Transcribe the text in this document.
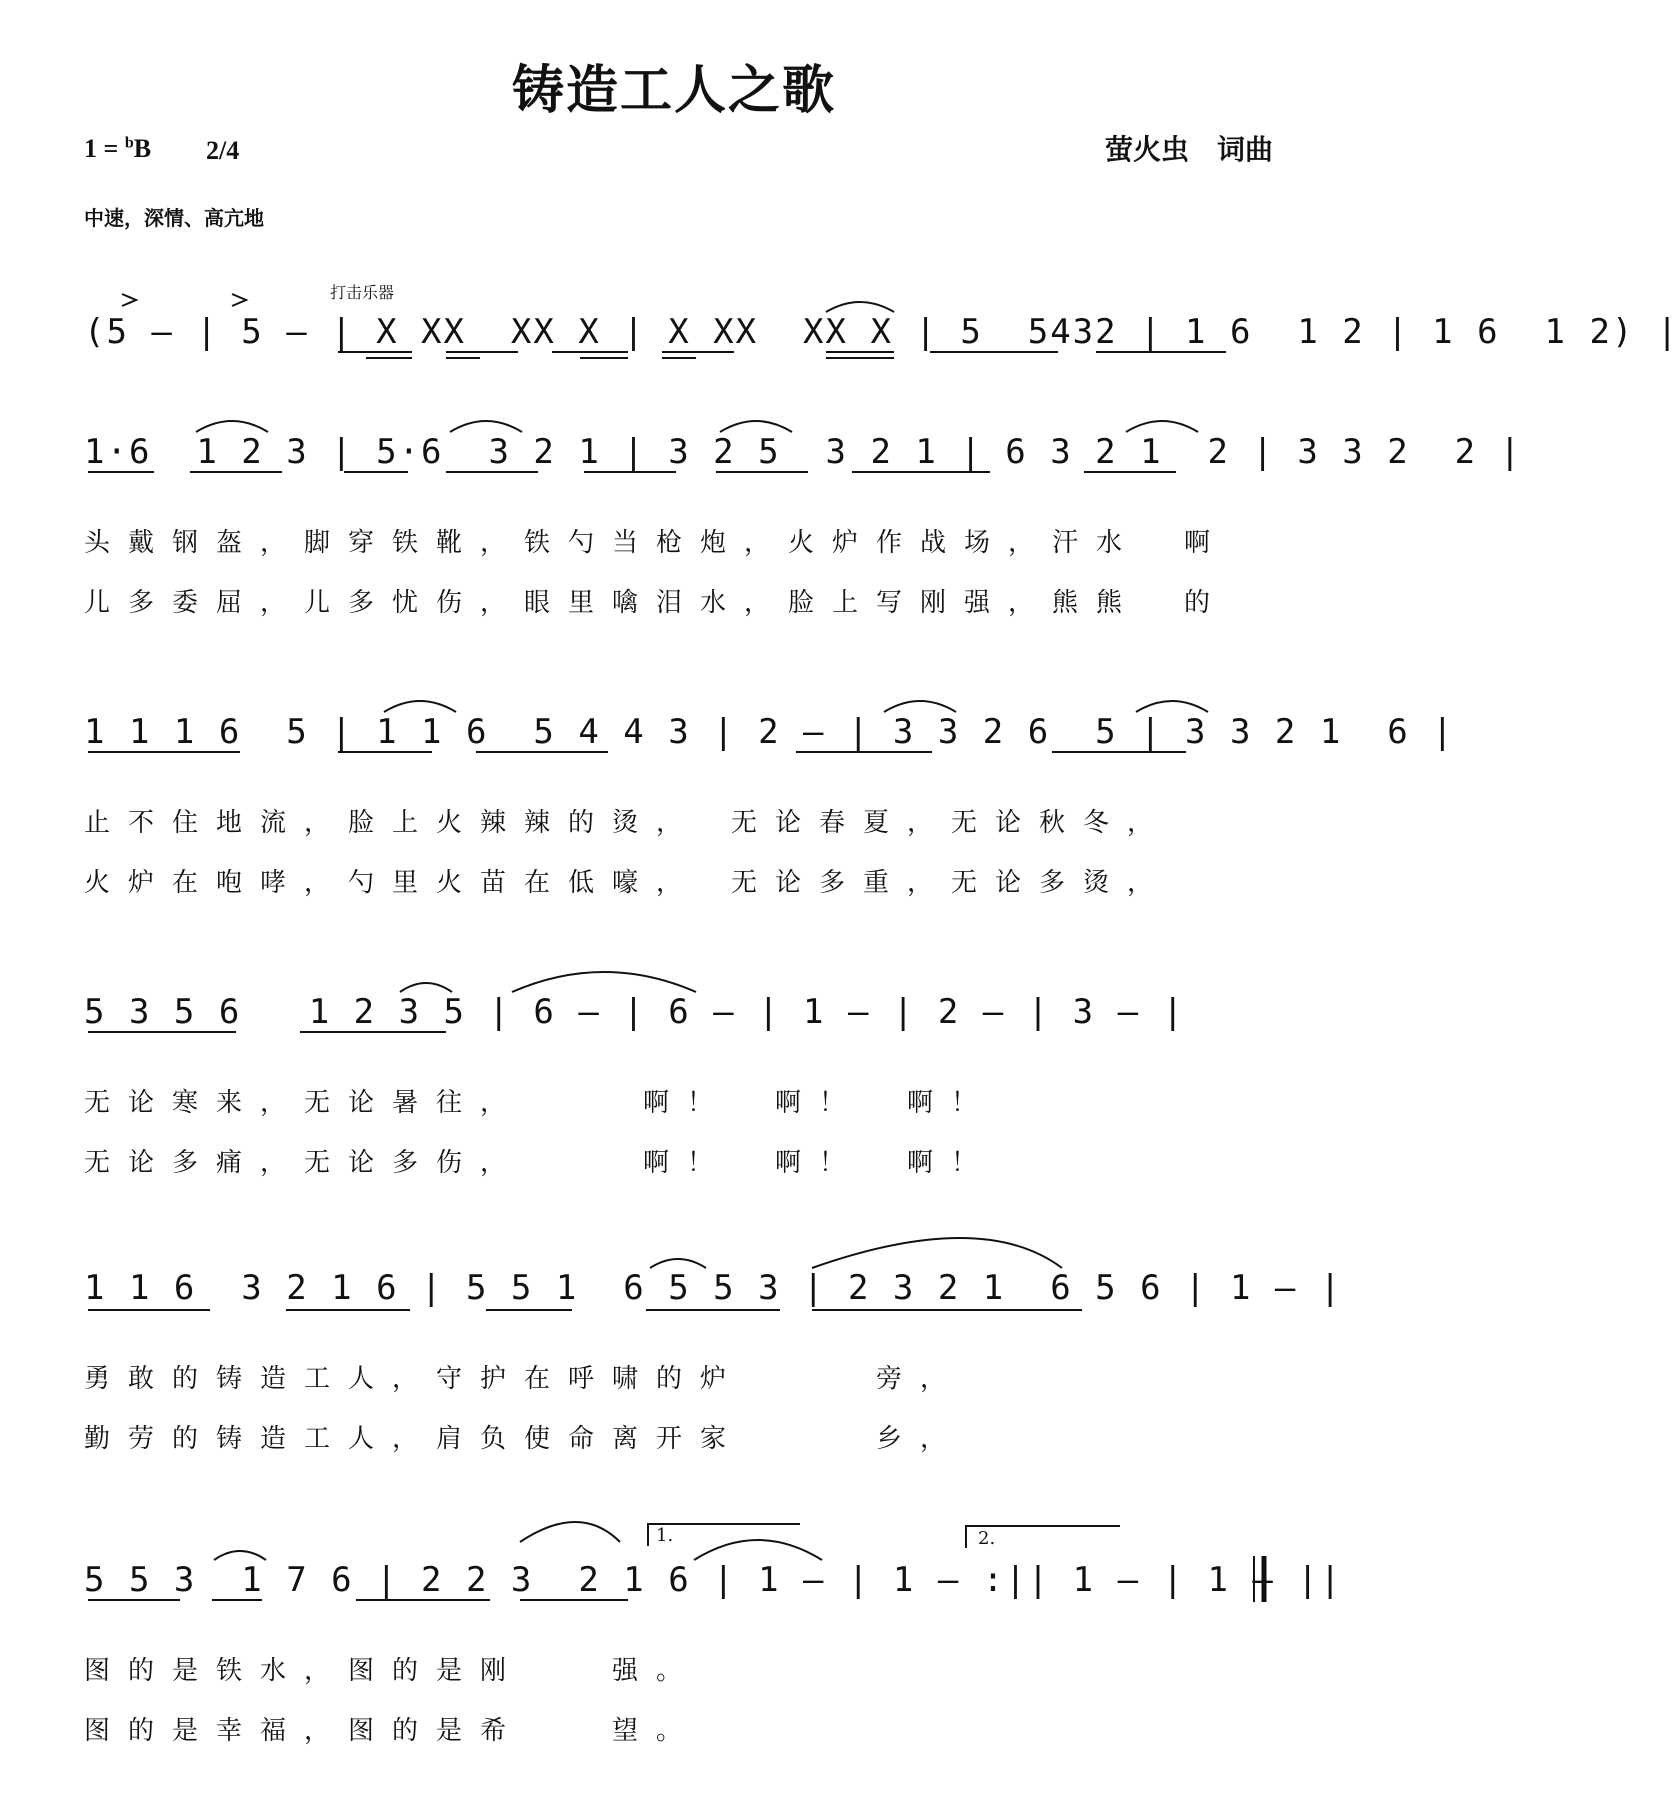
铸造工人之歌
1 = $^b$B 2/4	萤火虫　词曲
中速，深情、高亢地
打击乐器
(5 — | 5 — | X XX  XX X | X XX  XX X | 5  5432 | 1 6  1 2 | 1 6  1 2) |
1·6  1 2 3 | 5·6  3 2 1 | 3 2 5  3 2 1 | 6 3 2 1  2 | 3 3 2  2 |
头戴钢盔，脚穿铁靴，铁勺当枪炮，火炉作战场，汗水　啊
儿多委屈，儿多忧伤，眼里噙泪水，脸上写刚强，熊熊　的
1 1 1 6  5 | 1 1 6  5 4 4 3 | 2 — | 3 3 2 6  5 | 3 3 2 1  6 |
止不住地流，脸上火辣辣的烫，　无论春夏，无论秋冬，
火炉在咆哮，勺里火苗在低嚎，　无论多重，无论多烫，
5 3 5 6   1 2 3 5 | 6 — | 6 — | 1 — | 2 — | 3 — |
无论寒来，无论暑往，　　　啊！　啊！　啊！
无论多痛，无论多伤，　　　啊！　啊！　啊！
1 1 6  3 2 1 6 | 5 5 1  6 5 5 3 | 2 3 2 1  6 5 6 | 1 — |
勇敢的铸造工人，守护在呼啸的炉　　　旁，
勤劳的铸造工人，肩负使命离开家　　　乡，
1.	2.
5 5 3  1 7 6 | 2 2 3  2 1 6 | 1 — | 1 — :|| 1 — | 1 — ||
图的是铁水，图的是刚　　强。
图的是幸福，图的是希　　望。
